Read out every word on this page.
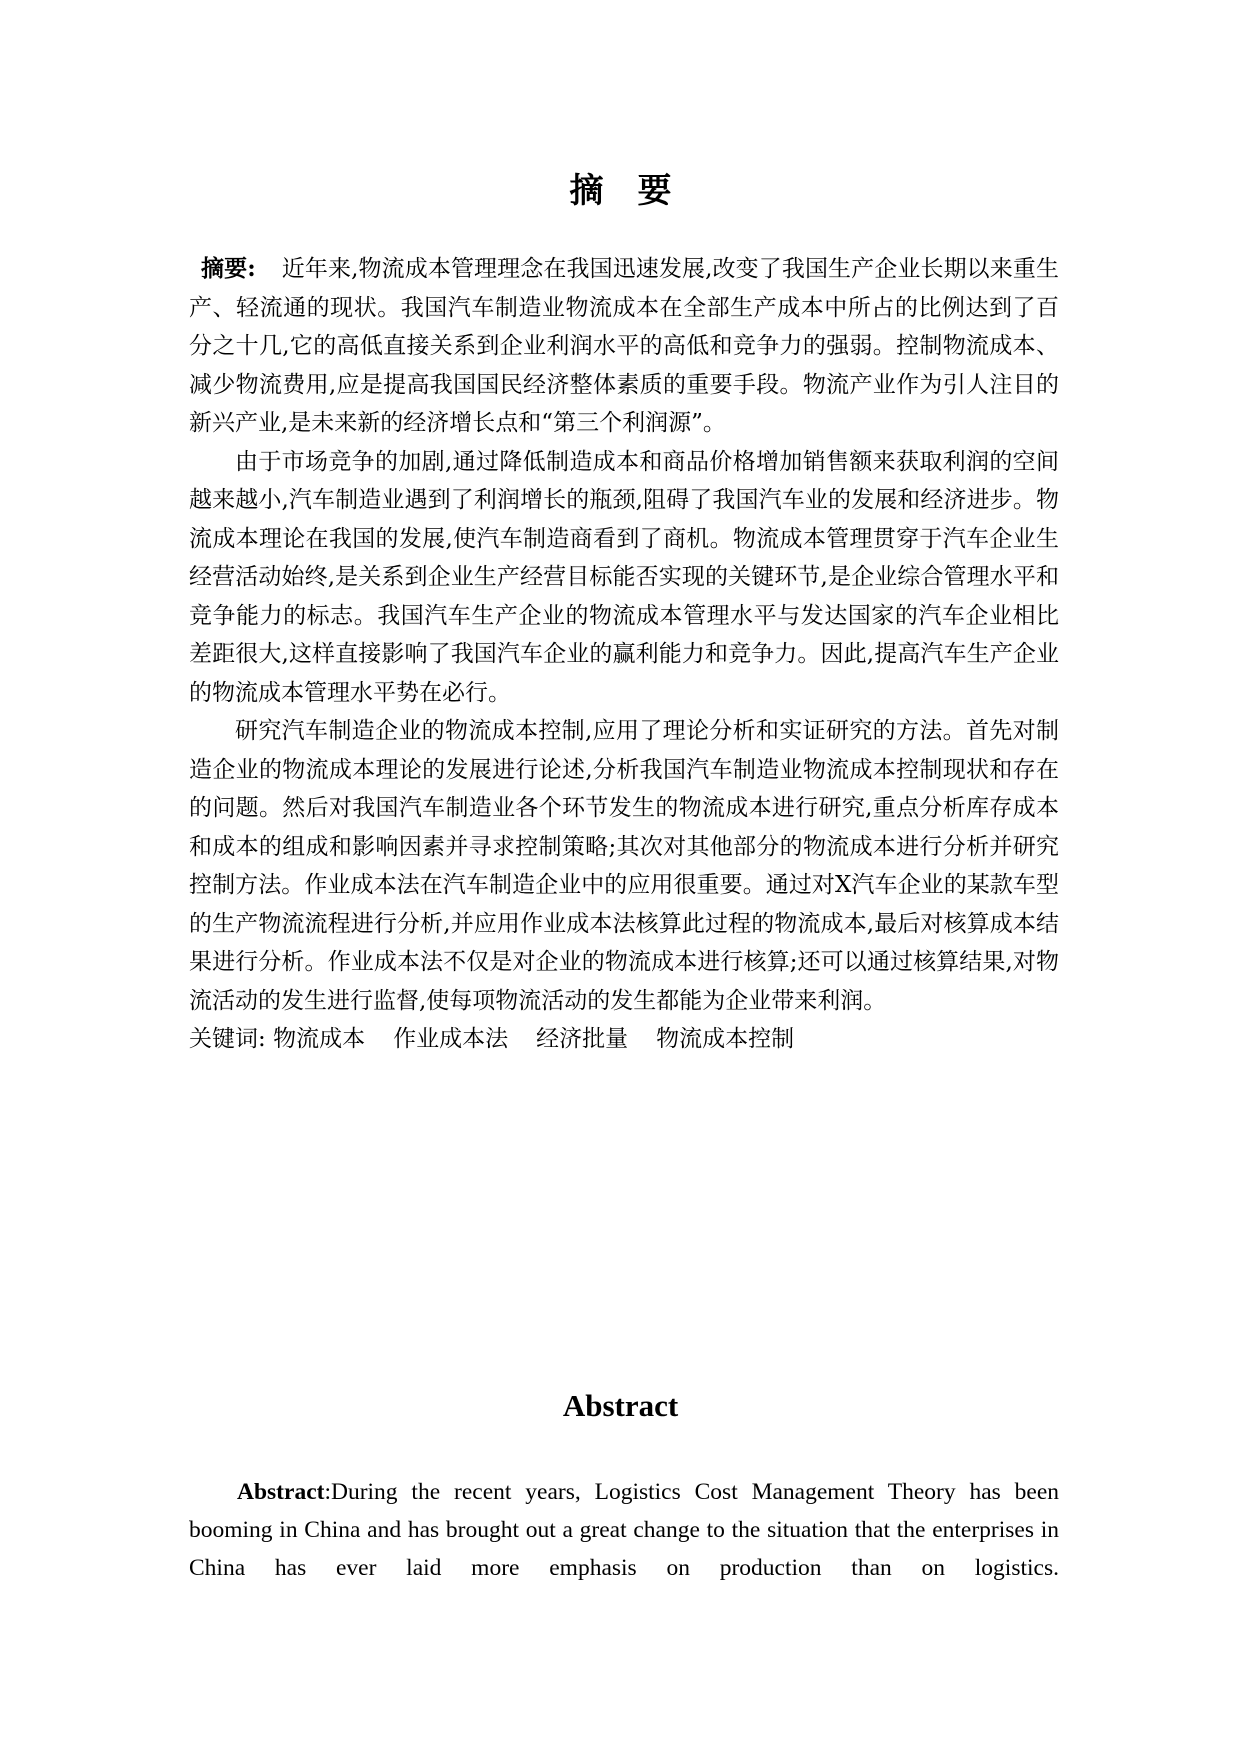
摘要

摘要: 近年来,物流成本管理理念在我国迅速发展,改变了我国生产企业长期以来重生产、轻流通的现状。我国汽车制造业物流成本在全部生产成本中所占的比例达到了百分之十几,它的高低直接关系到企业利润水平的高低和竞争力的强弱。控制物流成本、减少物流费用,应是提高我国国民经济整体素质的重要手段。物流产业作为引人注目的新兴产业,是未来新的经济增长点和“第三个利润源”。

由于市场竞争的加剧,通过降低制造成本和商品价格增加销售额来获取利润的空间越来越小,汽车制造业遇到了利润增长的瓶颈,阻碍了我国汽车业的发展和经济进步。物流成本理论在我国的发展,使汽车制造商看到了商机。物流成本管理贯穿于汽车企业生经营活动始终,是关系到企业生产经营目标能否实现的关键环节,是企业综合管理水平和竞争能力的标志。我国汽车生产企业的物流成本管理水平与发达国家的汽车企业相比差距很大,这样直接影响了我国汽车企业的赢利能力和竞争力。因此,提高汽车生产企业的物流成本管理水平势在必行。

研究汽车制造企业的物流成本控制,应用了理论分析和实证研究的方法。首先对制造企业的物流成本理论的发展进行论述,分析我国汽车制造业物流成本控制现状和存在的问题。然后对我国汽车制造业各个环节发生的物流成本进行研究,重点分析库存成本和成本的组成和影响因素并寻求控制策略;其次对其他部分的物流成本进行分析并研究控制方法。作业成本法在汽车制造企业中的应用很重要。通过对X汽车企业的某款车型的生产物流流程进行分析,并应用作业成本法核算此过程的物流成本,最后对核算成本结果进行分析。作业成本法不仅是对企业的物流成本进行核算;还可以通过核算结果,对物流活动的发生进行监督,使每项物流活动的发生都能为企业带来利润。

关键词: 物流成本 作业成本法 经济批量 物流成本控制

Abstract

Abstract:During the recent years, Logistics Cost Management Theory has been booming in China and has brought out a great change to the situation that the enterprises in China has ever laid more emphasis on production than on logistics.
